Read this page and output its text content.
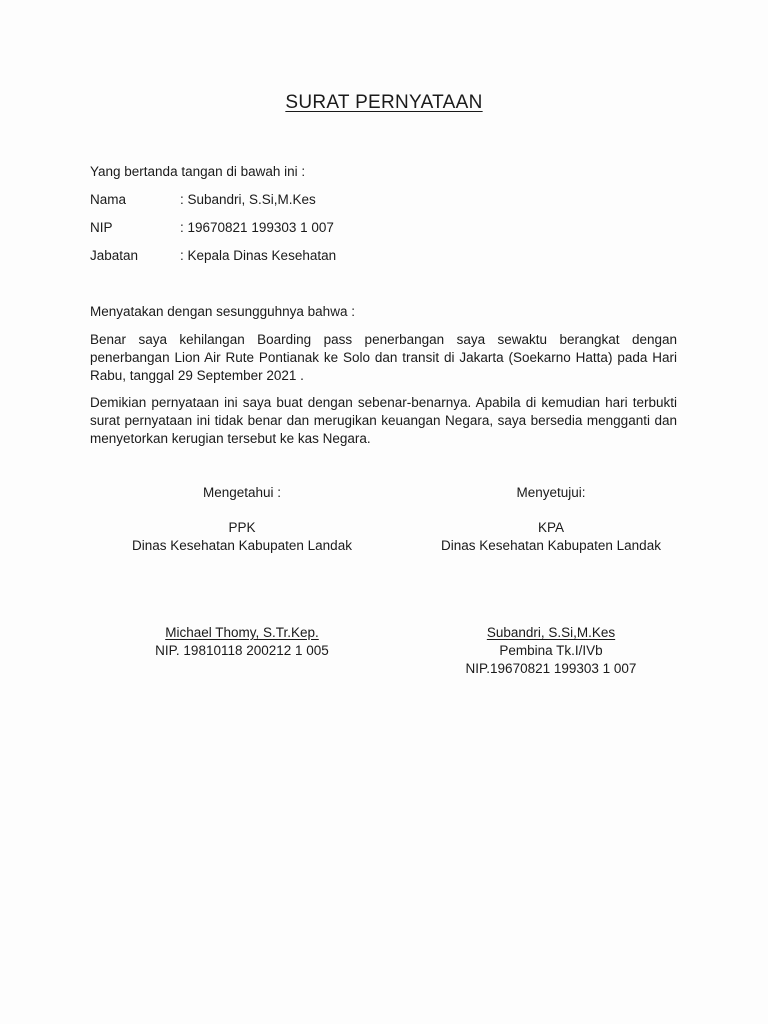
SURAT PERNYATAAN
Yang bertanda tangan di bawah ini :
Nama	: Subandri, S.Si,M.Kes
NIP	: 19670821 199303 1 007
Jabatan	: Kepala Dinas Kesehatan
Menyatakan dengan sesungguhnya bahwa :
Benar saya kehilangan Boarding pass penerbangan saya sewaktu berangkat dengan penerbangan Lion Air Rute Pontianak ke Solo dan transit di Jakarta (Soekarno Hatta) pada Hari Rabu, tanggal 29 September 2021 .
Demikian pernyataan ini saya buat dengan sebenar-benarnya. Apabila di kemudian hari terbukti surat pernyataan ini tidak benar dan merugikan keuangan Negara, saya bersedia mengganti dan menyetorkan kerugian tersebut ke kas Negara.
Mengetahui :
PPK
Dinas Kesehatan Kabupaten Landak
Michael Thomy, S.Tr.Kep.
NIP. 19810118 200212 1 005
Menyetujui:
KPA
Dinas Kesehatan Kabupaten Landak
Subandri, S.Si,M.Kes
Pembina Tk.I/IVb
NIP.19670821 199303 1 007
